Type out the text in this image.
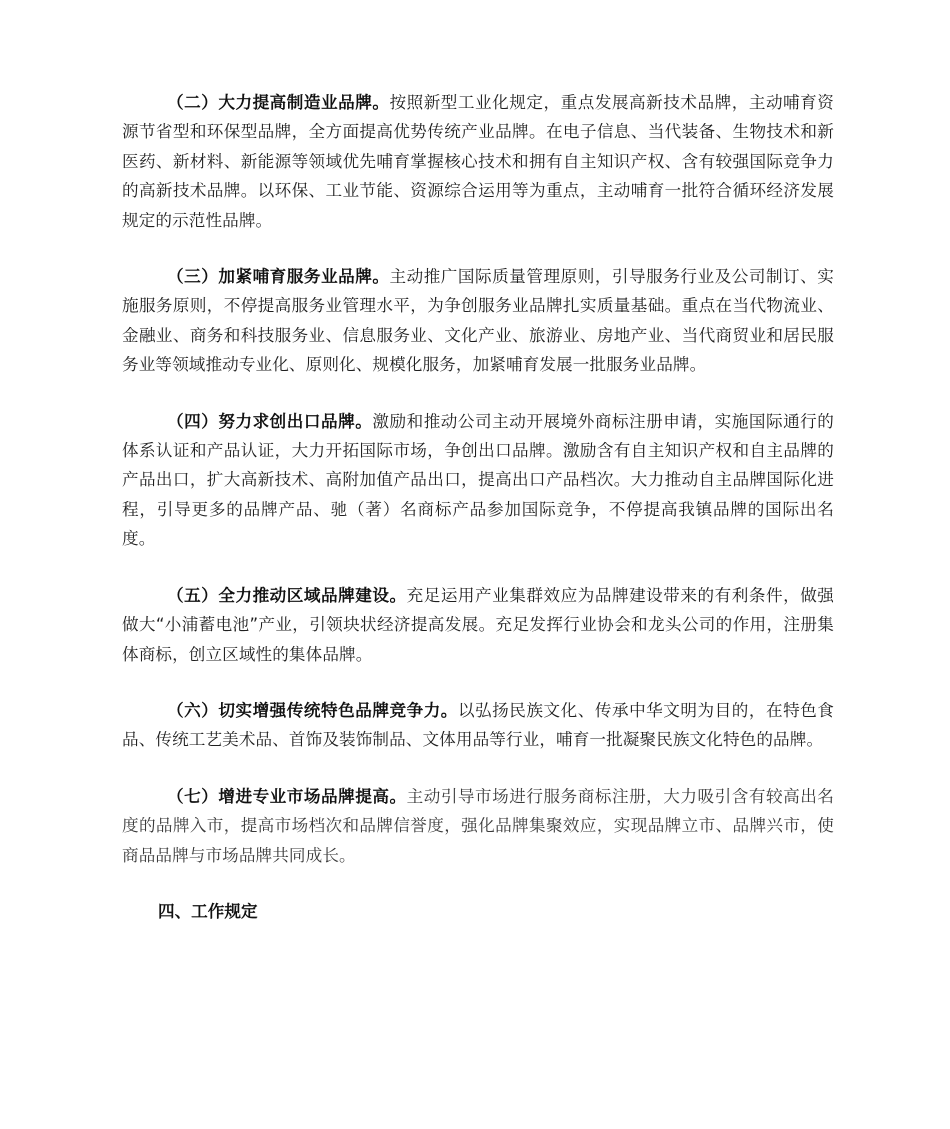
（二）大力提高制造业品牌。按照新型工业化规定，重点发展高新技术品牌，主动哺育资源节省型和环保型品牌，全方面提高优势传统产业品牌。在电子信息、当代装备、生物技术和新医药、新材料、新能源等领域优先哺育掌握核心技术和拥有自主知识产权、含有较强国际竞争力的高新技术品牌。以环保、工业节能、资源综合运用等为重点，主动哺育一批符合循环经济发展规定的示范性品牌。

（三）加紧哺育服务业品牌。主动推广国际质量管理原则，引导服务行业及公司制订、实施服务原则，不停提高服务业管理水平，为争创服务业品牌扎实质量基础。重点在当代物流业、金融业、商务和科技服务业、信息服务业、文化产业、旅游业、房地产业、当代商贸业和居民服务业等领域推动专业化、原则化、规模化服务，加紧哺育发展一批服务业品牌。

（四）努力求创出口品牌。激励和推动公司主动开展境外商标注册申请，实施国际通行的体系认证和产品认证，大力开拓国际市场，争创出口品牌。激励含有自主知识产权和自主品牌的产品出口，扩大高新技术、高附加值产品出口，提高出口产品档次。大力推动自主品牌国际化进程，引导更多的品牌产品、驰（著）名商标产品参加国际竞争，不停提高我镇品牌的国际出名度。

（五）全力推动区域品牌建设。充足运用产业集群效应为品牌建设带来的有利条件，做强做大“小浦蓄电池”产业，引领块状经济提高发展。充足发挥行业协会和龙头公司的作用，注册集体商标，创立区域性的集体品牌。

（六）切实增强传统特色品牌竞争力。以弘扬民族文化、传承中华文明为目的，在特色食品、传统工艺美术品、首饰及装饰制品、文体用品等行业，哺育一批凝聚民族文化特色的品牌。

（七）增进专业市场品牌提高。主动引导市场进行服务商标注册，大力吸引含有较高出名度的品牌入市，提高市场档次和品牌信誉度，强化品牌集聚效应，实现品牌立市、品牌兴市，使商品品牌与市场品牌共同成长。

四、工作规定
